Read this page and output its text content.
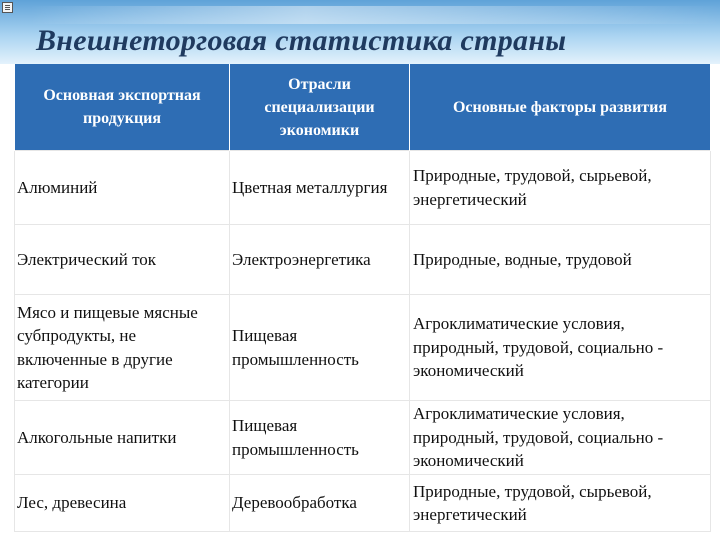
Внешнеторговая статистика страны
Основная экспортная продукция	Отрасли специализации экономики	Основные факторы развития
Алюминий	Цветная металлургия	Природные, трудовой, сырьевой, энергетический
Электрический ток	Электроэнергетика	Природные, водные, трудовой
Мясо и пищевые мясные субпродукты, не включенные в другие категории	Пищевая промышленность	Агроклиматические условия, природный, трудовой, социально - экономический
Алкогольные напитки	Пищевая промышленность	Агроклиматические условия, природный, трудовой, социально - экономический
Лес, древесина	Деревообработка	Природные, трудовой, сырьевой, энергетический
